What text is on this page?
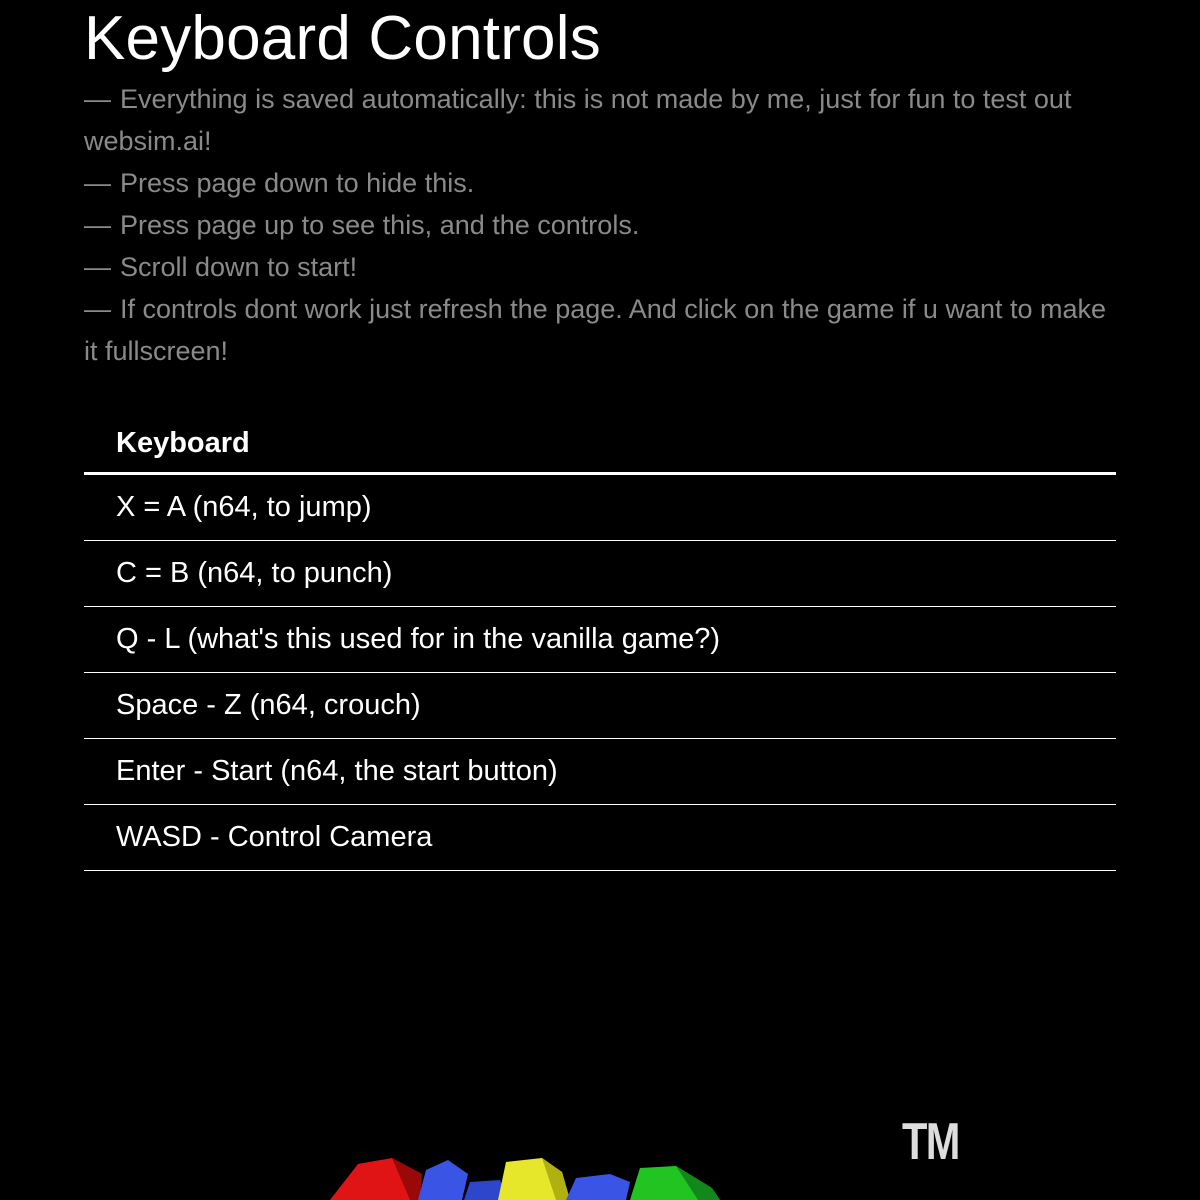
Keyboard Controls
— Everything is saved automatically: this is not made by me, just for fun to test out websim.ai!
— Press page down to hide this.
— Press page up to see this, and the controls.
— Scroll down to start!
— If controls dont work just refresh the page. And click on the game if u want to make it fullscreen!
Keyboard
X = A (n64, to jump)
C = B (n64, to punch)
Q - L (what's this used for in the vanilla game?)
Space - Z (n64, crouch)
Enter - Start (n64, the start button)
WASD - Control Camera
TM
